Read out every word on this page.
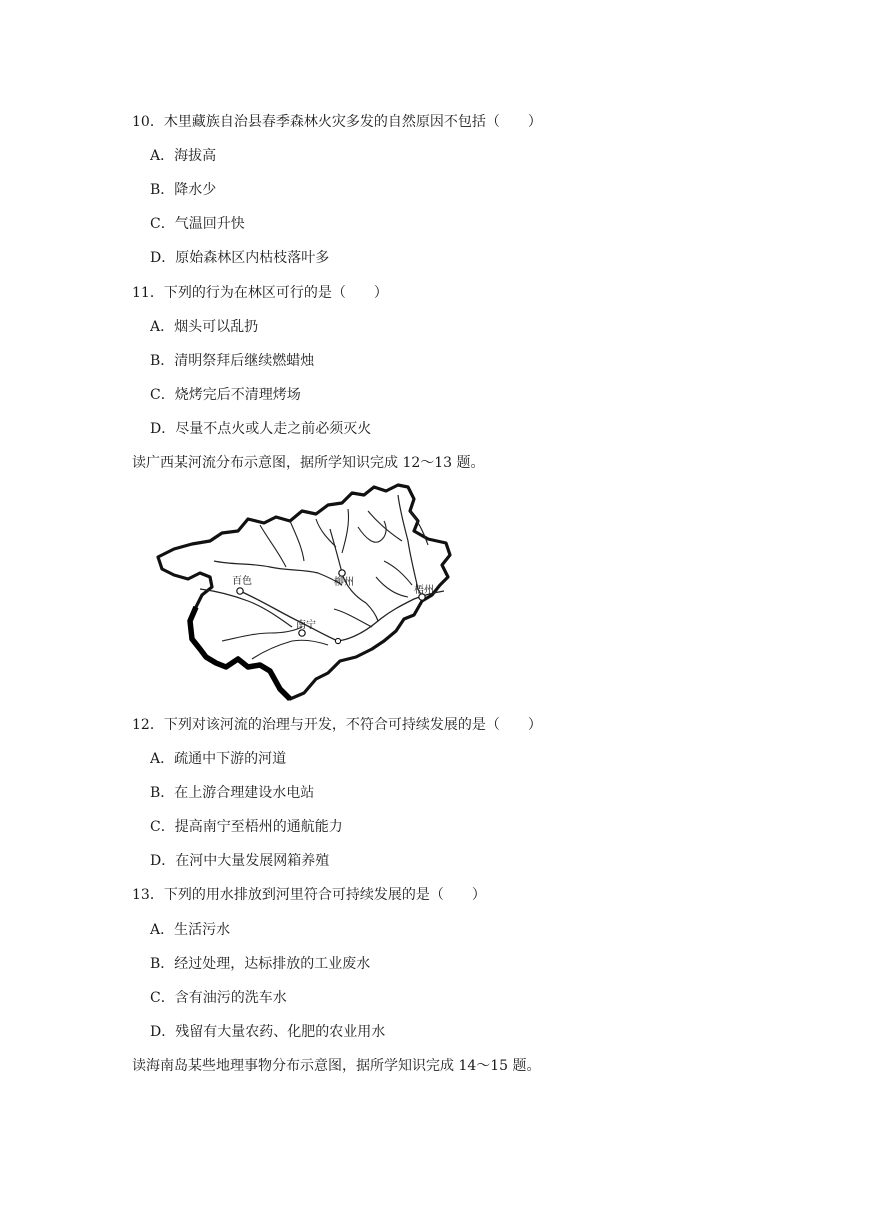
10．木里藏族自治县春季森林火灾多发的自然原因不包括（　　）
A．海拔高
B．降水少
C．气温回升快
D．原始森林区内枯枝落叶多
11．下列的行为在林区可行的是（　　）
A．烟头可以乱扔
B．清明祭拜后继续燃蜡烛
C．烧烤完后不清理烤场
D．尽量不点火或人走之前必须灭火
读广西某河流分布示意图，据所学知识完成 12～13 题。
百色	柳州
梧州
南宁
12．下列对该河流的治理与开发，不符合可持续发展的是（　　）
A．疏通中下游的河道
B．在上游合理建设水电站
C．提高南宁至梧州的通航能力
D．在河中大量发展网箱养殖
13．下列的用水排放到河里符合可持续发展的是（　　）
A．生活污水
B．经过处理，达标排放的工业废水
C．含有油污的洗车水
D．残留有大量农药、化肥的农业用水
读海南岛某些地理事物分布示意图，据所学知识完成 14～15 题。
